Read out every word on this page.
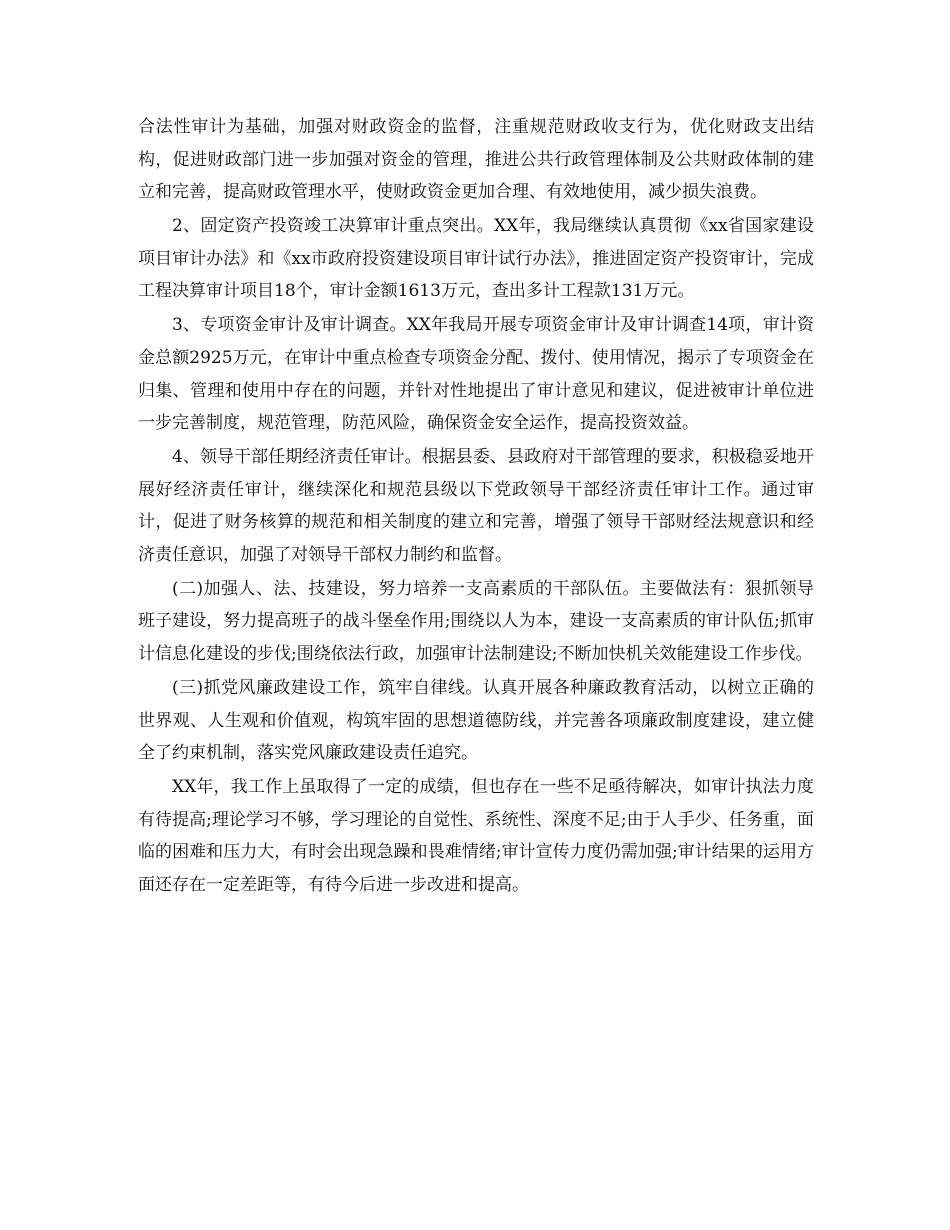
合法性审计为基础，加强对财政资金的监督，注重规范财政收支行为，优化财政支出结构，促进财政部门进一步加强对资金的管理，推进公共行政管理体制及公共财政体制的建立和完善，提高财政管理水平，使财政资金更加合理、有效地使用，减少损失浪费。

2、固定资产投资竣工决算审计重点突出。XX年，我局继续认真贯彻《xx省国家建设项目审计办法》和《xx市政府投资建设项目审计试行办法》，推进固定资产投资审计，完成工程决算审计项目18个，审计金额1613万元，查出多计工程款131万元。

3、专项资金审计及审计调查。XX年我局开展专项资金审计及审计调查14项，审计资金总额2925万元，在审计中重点检查专项资金分配、拨付、使用情况，揭示了专项资金在归集、管理和使用中存在的问题，并针对性地提出了审计意见和建议，促进被审计单位进一步完善制度，规范管理，防范风险，确保资金安全运作，提高投资效益。

4、领导干部任期经济责任审计。根据县委、县政府对干部管理的要求，积极稳妥地开展好经济责任审计，继续深化和规范县级以下党政领导干部经济责任审计工作。通过审计，促进了财务核算的规范和相关制度的建立和完善，增强了领导干部财经法规意识和经济责任意识，加强了对领导干部权力制约和监督。

(二)加强人、法、技建设，努力培养一支高素质的干部队伍。主要做法有：狠抓领导班子建设，努力提高班子的战斗堡垒作用;围绕以人为本，建设一支高素质的审计队伍;抓审计信息化建设的步伐;围绕依法行政，加强审计法制建设;不断加快机关效能建设工作步伐。

(三)抓党风廉政建设工作，筑牢自律线。认真开展各种廉政教育活动，以树立正确的世界观、人生观和价值观，构筑牢固的思想道德防线，并完善各项廉政制度建设，建立健全了约束机制，落实党风廉政建设责任追究。

XX年，我工作上虽取得了一定的成绩，但也存在一些不足亟待解决，如审计执法力度有待提高;理论学习不够，学习理论的自觉性、系统性、深度不足;由于人手少、任务重，面临的困难和压力大，有时会出现急躁和畏难情绪;审计宣传力度仍需加强;审计结果的运用方面还存在一定差距等，有待今后进一步改进和提高。
